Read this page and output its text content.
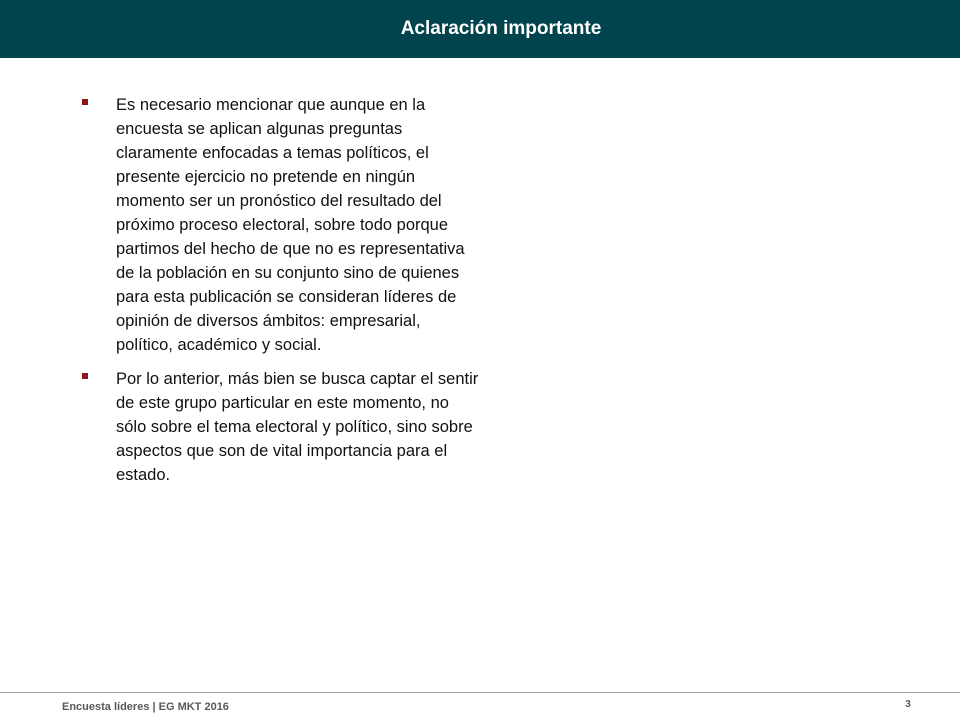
Aclaración importante
Es necesario mencionar que aunque en la
encuesta se aplican algunas preguntas
claramente enfocadas a temas políticos, el
presente ejercicio no pretende en ningún
momento ser un pronóstico del resultado del
próximo proceso electoral, sobre todo porque
partimos del hecho de que no es representativa
de la población en su conjunto sino de quienes
para esta publicación se consideran líderes de
opinión de diversos ámbitos: empresarial,
político, académico y social.
Por lo anterior, más bien se busca captar el sentir
de este grupo particular en este momento, no
sólo sobre el tema electoral y político, sino sobre
aspectos que son de vital importancia para el
estado.
Encuesta líderes | EG MKT 2016	3
